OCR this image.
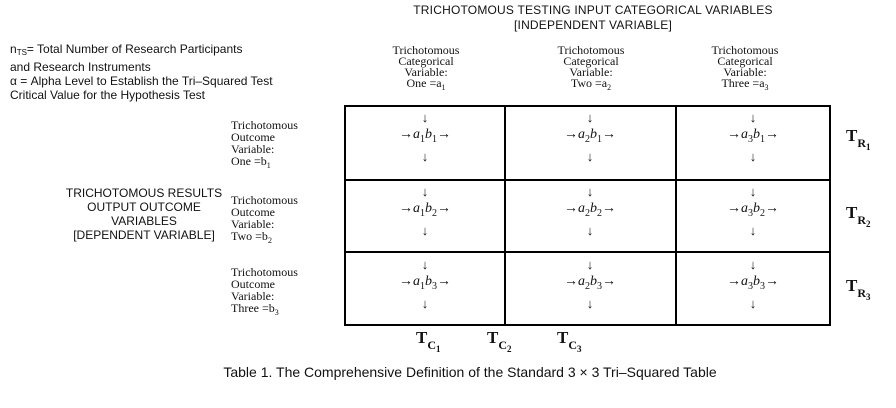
TRICHOTOMOUS TESTING INPUT CATEGORICAL VARIABLES
[INDEPENDENT VARIABLE]
$n_{TS}=$ Total Number of Research Participants
and Research Instruments
α = Alpha Level to Establish the Tri–Squared Test
Critical Value for the Hypothesis Test
TRICHOTOMOUS RESULTS
OUTPUT OUTCOME
VARIABLES
[DEPENDENT VARIABLE]
Trichotomous
Categorical
Variable:
One $=a_1$
Trichotomous
Categorical
Variable:
Two $=a_2$
Trichotomous
Categorical
Variable:
Three $=a_3$
Trichotomous
Outcome
Variable:
One $=b_1$
Trichotomous
Outcome
Variable:
Two $=b_2$
Trichotomous
Outcome
Variable:
Three $=b_3$
↓
$\to a_1b_1\to$
↓
↓
$\to a_2b_1\to$
↓
↓
$\to a_3b_1\to$
↓
↓
$\to a_1b_2\to$
↓
↓
$\to a_2b_2\to$
↓
↓
$\to a_3b_2\to$
↓
↓
$\to a_1b_3\to$
↓
↓
$\to a_2b_3\to$
↓
↓
$\to a_3b_3\to$
↓
$T_{R_1}$
$T_{R_2}$
$T_{R_3}$
$T_{C_1}$
$T_{C_2}$
$T_{C_3}$
Table 1. The Comprehensive Definition of the Standard 3 × 3 Tri–Squared Table
